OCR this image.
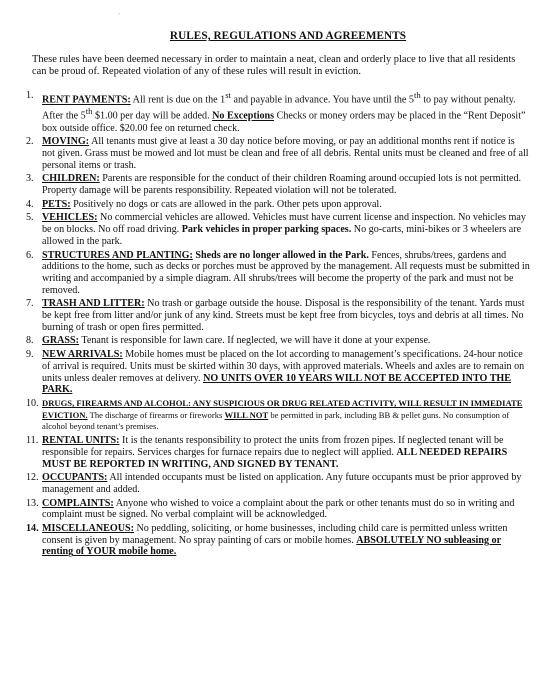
´
RULES, REGULATIONS AND AGREEMENTS
These rules have been deemed necessary in order to maintain a neat, clean and orderly place to live that all residents can be proud of. Repeated violation of any of these rules will result in eviction.
1. RENT PAYMENTS: All rent is due on the 1st and payable in advance. You have until the 5th to pay without penalty. After the 5th $1.00 per day will be added. No Exceptions Checks or money orders may be placed in the “Rent Deposit” box outside office. $20.00 fee on returned check.
2. MOVING: All tenants must give at least a 30 day notice before moving, or pay an additional months rent if notice is not given. Grass must be mowed and lot must be clean and free of all debris. Rental units must be cleaned and free of all personal items or trash.
3. CHILDREN: Parents are responsible for the conduct of their children Roaming around occupied lots is not permitted. Property damage will be parents responsibility. Repeated violation will not be tolerated.
4. PETS: Positively no dogs or cats are allowed in the park. Other pets upon approval.
5. VEHICLES: No commercial vehicles are allowed. Vehicles must have current license and inspection. No vehicles may be on blocks. No off road driving. Park vehicles in proper parking spaces. No go-carts, mini-bikes or 3 wheelers are allowed in the park.
6. STRUCTURES AND PLANTING: Sheds are no longer allowed in the Park. Fences, shrubs/trees, gardens and additions to the home, such as decks or porches must be approved by the management. All requests must be submitted in writing and accompanied by a simple diagram. All shrubs/trees will become the property of the park and must not be removed.
7. TRASH AND LITTER: No trash or garbage outside the house. Disposal is the responsibility of the tenant. Yards must be kept free from litter and/or junk of any kind. Streets must be kept free from bicycles, toys and debris at all times. No burning of trash or open fires permitted.
8. GRASS: Tenant is responsible for lawn care. If neglected, we will have it done at your expense.
9. NEW ARRIVALS: Mobile homes must be placed on the lot according to management’s specifications. 24-hour notice of arrival is required. Units must be skirted within 30 days, with approved materials. Wheels and axles are to remain on units unless dealer removes at delivery. NO UNITS OVER 10 YEARS WILL NOT BE ACCEPTED INTO THE PARK.
10. DRUGS, FIREARMS AND ALCOHOL: ANY SUSPICIOUS OR DRUG RELATED ACTIVITY, WILL RESULT IN IMMEDIATE EVICTION. The discharge of firearms or fireworks WILL NOT be permitted in park, including BB & pellet guns. No consumption of alcohol beyond tenant’s premises.
11. RENTAL UNITS: It is the tenants responsibility to protect the units from frozen pipes. If neglected tenant will be responsible for repairs. Services charges for furnace repairs due to neglect will applied. ALL NEEDED REPAIRS MUST BE REPORTED IN WRITING, AND SIGNED BY TENANT.
12. OCCUPANTS: All intended occupants must be listed on application. Any future occupants must be prior approved by management and added.
13. COMPLAINTS: Anyone who wished to voice a complaint about the park or other tenants must do so in writing and complaint must be signed. No verbal complaint will be acknowledged.
14. MISCELLANEOUS: No peddling, soliciting, or home businesses, including child care is permitted unless written consent is given by management. No spray painting of cars or mobile homes. ABSOLUTELY NO subleasing or renting of YOUR mobile home.
